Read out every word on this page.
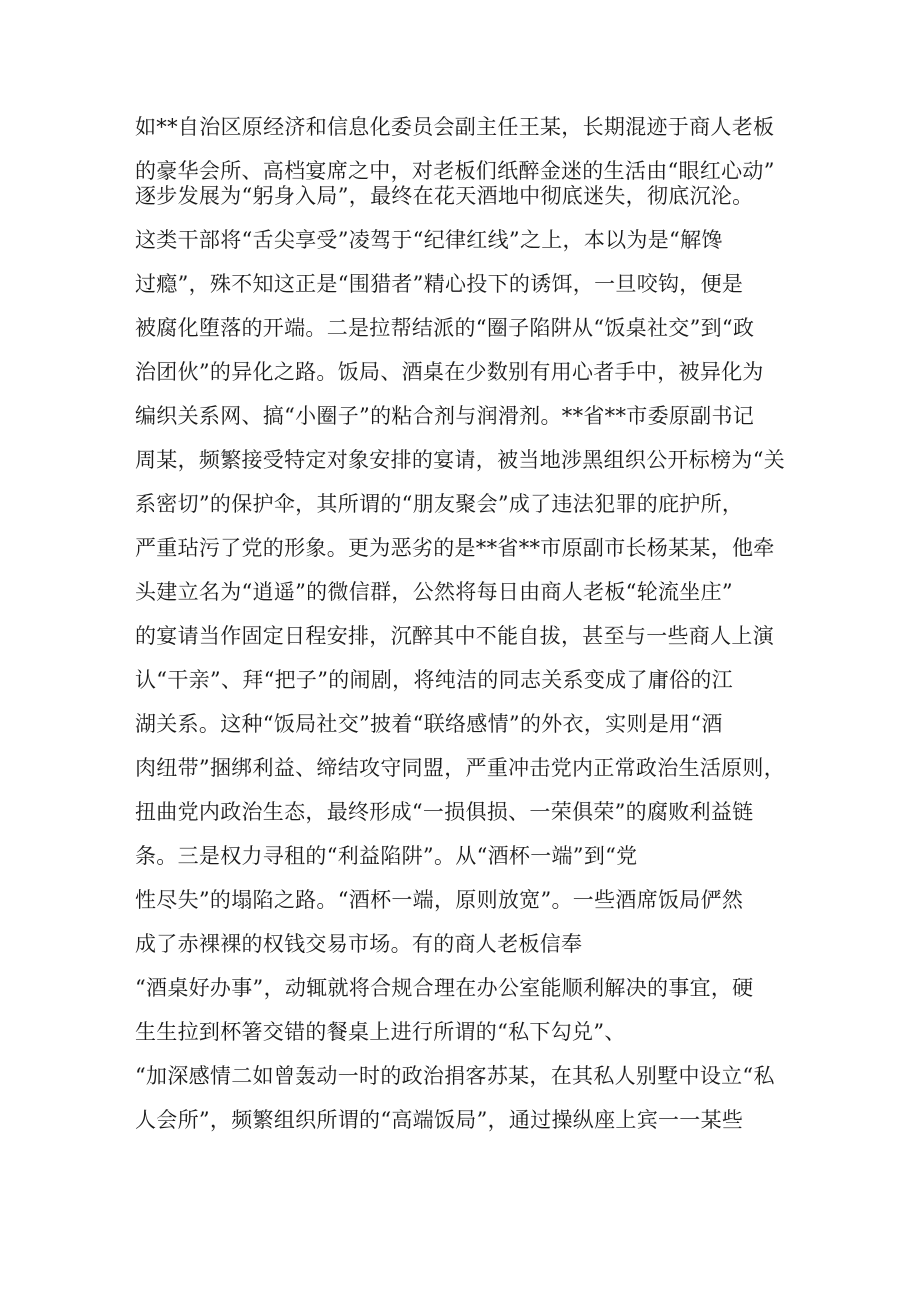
如**自治区原经济和信息化委员会副主任王某，长期混迹于商人老板
的豪华会所、高档宴席之中，对老板们纸醉金迷的生活由“眼红心动”
逐步发展为“躬身入局”，最终在花天酒地中彻底迷失，彻底沉沦。
这类干部将“舌尖享受”凌驾于“纪律红线”之上，本以为是“解馋
过瘾”，殊不知这正是“围猎者”精心投下的诱饵，一旦咬钩，便是
被腐化堕落的开端。二是拉帮结派的“圈子陷阱从“饭桌社交”到“政
治团伙”的异化之路。饭局、酒桌在少数别有用心者手中，被异化为
编织关系网、搞“小圈子”的粘合剂与润滑剂。**省**市委原副书记
周某，频繁接受特定对象安排的宴请，被当地涉黑组织公开标榜为“关
系密切”的保护伞，其所谓的“朋友聚会”成了违法犯罪的庇护所，
严重玷污了党的形象。更为恶劣的是**省**市原副市长杨某某，他牵
头建立名为“逍遥”的微信群，公然将每日由商人老板“轮流坐庄”
的宴请当作固定日程安排，沉醉其中不能自拔，甚至与一些商人上演
认“干亲”、拜“把子”的闹剧，将纯洁的同志关系变成了庸俗的江
湖关系。这种“饭局社交”披着“联络感情”的外衣，实则是用“酒
肉纽带”捆绑利益、缔结攻守同盟，严重冲击党内正常政治生活原则，
扭曲党内政治生态，最终形成“一损俱损、一荣俱荣”的腐败利益链
条。三是权力寻租的“利益陷阱”。从“酒杯一端”到“党
性尽失”的塌陷之路。“酒杯一端，原则放宽”。一些酒席饭局俨然
成了赤裸裸的权钱交易市场。有的商人老板信奉
“酒桌好办事”，动辄就将合规合理在办公室能顺利解决的事宜，硬
生生拉到杯箸交错的餐桌上进行所谓的“私下勾兑”、
“加深感情二如曾轰动一时的政治捐客苏某，在其私人别墅中设立“私
人会所”，频繁组织所谓的“高端饭局”，通过操纵座上宾一一某些
